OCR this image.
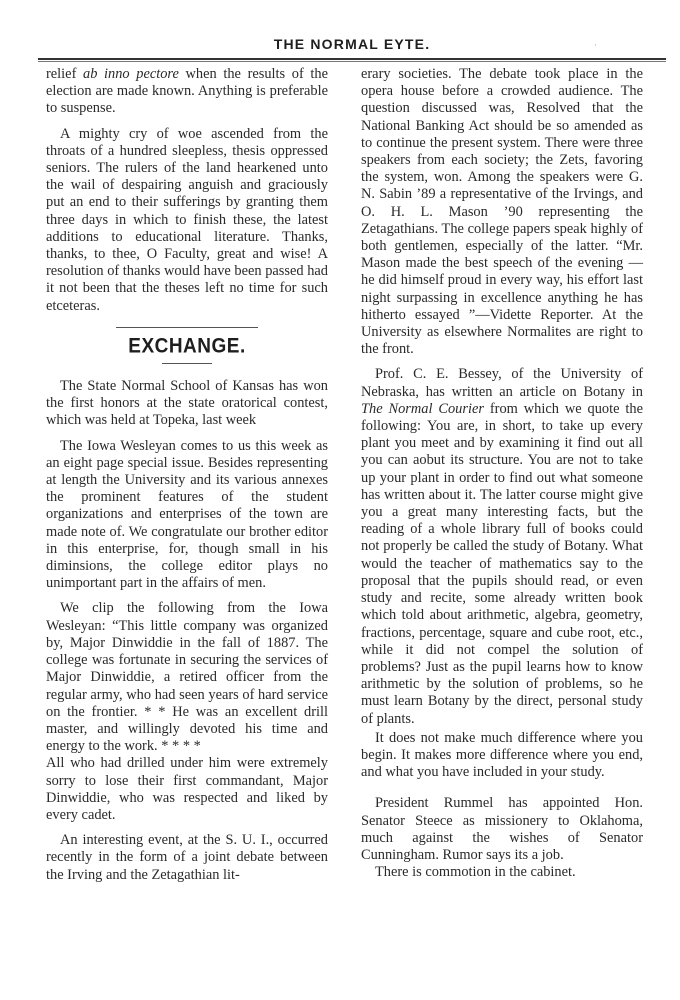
THE NORMAL EYTE.	·

relief ab inno pectore when the results of the election are made known. Anything is preferable to suspense.

A mighty cry of woe ascended from the throats of a hundred sleepless, thesis oppressed seniors. The rulers of the land hearkened unto the wail of despairing anguish and graciously put an end to their sufferings by granting them three days in which to finish these, the latest additions to educational literature. Thanks, thanks, to thee, O Faculty, great and wise! A resolution of thanks would have been passed had it not been that the theses left no time for such etceteras.

EXCHANGE.

The State Normal School of Kansas has won the first honors at the state oratorical contest, which was held at Topeka, last week

The Iowa Wesleyan comes to us this week as an eight page special issue. Besides representing at length the University and its various annexes the prominent features of the student organizations and enterprises of the town are made note of. We congratulate our brother editor in this enterprise, for, though small in his diminsions, the college editor plays no unimportant part in the affairs of men.

We clip the following from the Iowa Wesleyan: “This little company was organized by, Major Dinwiddie in the fall of 1887. The college was fortunate in securing the services of Major Dinwiddie, a retired officer from the regular army, who had seen years of hard service on the frontier. * * He was an excellent drill master, and willingly devoted his time and energy to the work. * * * *

All who had drilled under him were extremely sorry to lose their first commandant, Major Dinwiddie, who was respected and liked by every cadet.

An interesting event, at the S. U. I., occurred recently in the form of a joint debate between the Irving and the Zetagathian lit-

erary societies. The debate took place in the opera house before a crowded audience. The question discussed was, Resolved that the National Banking Act should be so amended as to continue the present system. There were three speakers from each society; the Zets, favoring the system, won. Among the speakers were G. N. Sabin ’89 a representative of the Irvings, and O. H. L. Mason ’90 representing the Zetagathians. The college papers speak highly of both gentlemen, especially of the latter. “Mr. Mason made the best speech of the evening —he did himself proud in every way, his effort last night surpassing in excellence anything he has hitherto essayed ”—Vidette Reporter. At the University as elsewhere Normalites are right to the front.

Prof. C. E. Bessey, of the University of Nebraska, has written an article on Botany in The Normal Courier from which we quote the following: You are, in short, to take up every plant you meet and by examining it find out all you can aobut its structure. You are not to take up your plant in order to find out what someone has written about it. The latter course might give you a great many interesting facts, but the reading of a whole library full of books could not properly be called the study of Botany. What would the teacher of mathematics say to the proposal that the pupils should read, or even study and recite, some already written book which told about arithmetic, algebra, geometry, fractions, percentage, square and cube root, etc., while it did not compel the solution of problems? Just as the pupil learns how to know arithmetic by the solution of problems, so he must learn Botany by the direct, personal study of plants.

It does not make much difference where you begin. It makes more difference where you end, and what you have included in your study.

President Rummel has appointed Hon. Senator Steece as missionery to Oklahoma, much against the wishes of Senator Cunningham. Rumor says its a job.

There is commotion in the cabinet.
